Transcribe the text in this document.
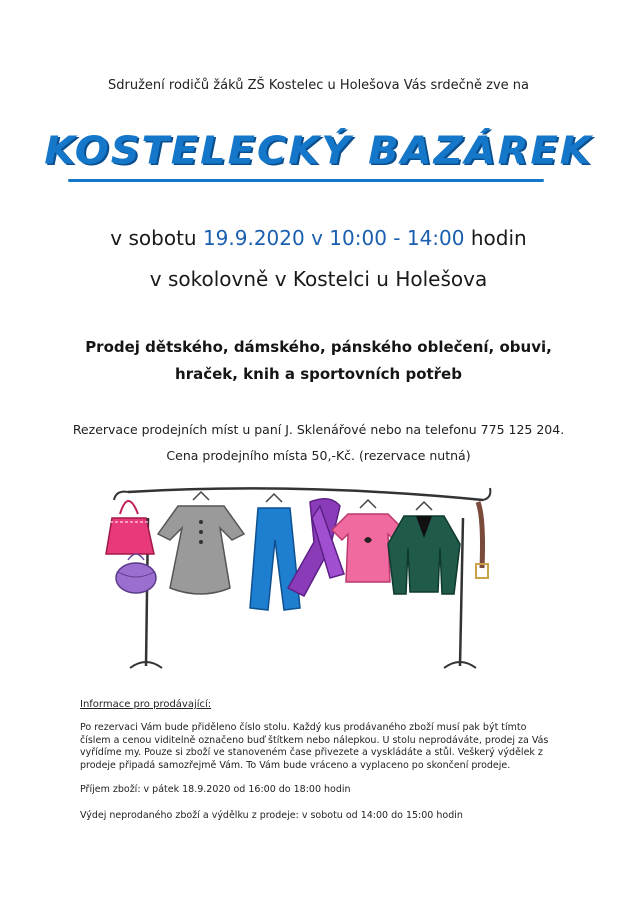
Sdružení rodičů žáků ZŠ Kostelec u Holešova Vás srdečně zve na
KOSTELECKÝ BAZÁREK
v sobotu 19.9.2020 v 10:00 - 14:00 hodin
v sokolovně v Kostelci u Holešova
Prodej dětského, dámského, pánského oblečení, obuvi,
hraček, knih a sportovních potřeb
Rezervace prodejních míst u paní J. Sklenářové nebo na telefonu 775 125 204.
Cena prodejního místa 50,-Kč. (rezervace nutná)
Informace pro prodávající:
Po rezervaci Vám bude přiděleno číslo stolu. Každý kus prodávaného zboží musí pak být tímto číslem a cenou viditelně označeno buď štítkem nebo nálepkou. U stolu neprodáváte, prodej za Vás vyřídíme my. Pouze si zboží ve stanoveném čase přivezete a vyskládáte a stůl. Veškerý výdělek z prodeje připadá samozřejmě Vám. To Vám bude vráceno a vyplaceno po skončení prodeje.
Příjem zboží: v pátek 18.9.2020 od 16:00 do 18:00 hodin
Výdej neprodaného zboží a výdělku z prodeje: v sobotu od 14:00 do 15:00 hodin
